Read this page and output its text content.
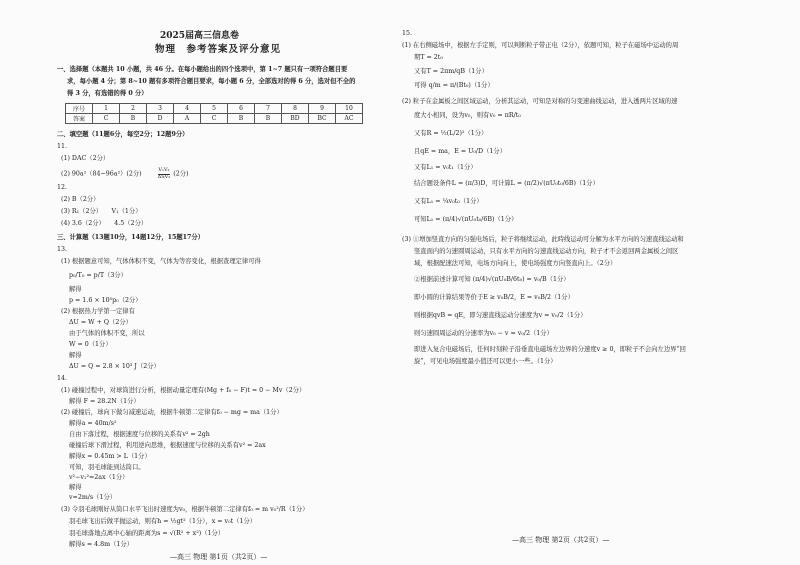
2025届高三信息卷
物理　参考答案及评分意见
一、选择题（本题共 10 小题，共 46 分。在每小题给出的四个选项中，第 1~7 题只有一项符合题目要
求，每小题 4 分；第 8~10 题有多项符合题目要求，每小题 6 分，全部选对的得 6 分，选对但不全的
得 3 分，有选错的得 0 分）
序号	1	2	3	4	5	6	7	8	9	10
答案	C	B	D	A	C	B	B	BD	BC	AC
二、填空题（11题6分，每空2分；12题9分）
11.
(1) DAC（2分）
(2) 90a²（84~96a²）(2分)	$\frac{\text{V₁V₂}}{\text{ΔSV₂}} (2$分)
12.
(2) B（2分）
(3) R₁（2分）　　V₁（1分）
(4) 3.6（2分）　　4.5（2分）
三、计算题（13题10分，14题12分，15题17分）
13.
(1) 根据题意可知，气体体积不变，气体为等容变化，根据查理定律可得
p₀/T₀ = p/T（3分）
解得
p = 1.6 × 10⁵p₀（2分）
(2) 根据热力学第一定律有
ΔU = W + Q（2分）
由于气体的体积不变，所以
W = 0（1分）
解得
ΔU = Q = 2.8 × 10³ J（2分）
14.
(1) 碰撞过程中，对球筒进行分析，根据动量定理有(Mg + f₀ − F)t = 0 − Mv（2分）
解得 F = 28.2N（1分）
(2) 碰撞后，球向下做匀减速运动，根据牛顿第二定律有f₀ − mg = ma（1分）
解得a = 40m/s²
自由下落过程，根据速度与位移的关系有v² = 2gh
碰撞后球下滑过程，利用逆向思维，根据速度与位移的关系有v² = 2ax
解得x = 0.45m > L（1分）
可知，羽毛球能到达筒口。
v²−v₁²=2ax（1分）
解得
v=2m/s（1分）
(3) 令羽毛球刚好从筒口水平飞出时速度为v₀，根据牛顿第二定律有f₀ = m v₀²/R（1分）
羽毛球飞出后做平抛运动，则有h = ½gt²（1分），x = v₀t（1分）
羽毛球落地点离中心轴的距离为s = √(R² + x²)（1分）
解得s = 4.8m（1分）
—高三 物理 第1页（共2页）—
15.
(1) 在右侧磁场中，根据左手定则，可以判断粒子带正电（2分），依题可知，粒子在磁场中运动的周
期T = 2t₀
又有T = 2πm/qB（1分）
可得 q/m = π/(Bt₀)（1分）
(2) 粒子在金属板之间区域运动，分析其运动，可知是对称的匀变速曲线运动，进入透两片区域的速
度大小相同，设为v₀，则有v₀ = πR/t₀
又有R = ½(L/2)²（1分）
且qE = ma，E = U₀/D（1分）
又有L₁ = v₀t₁（1分）
结合题设条件L = (π/3)D，可计算L = (π/2)√(πU₀t₀/6B)（1分）
又有L₁ = ¼v₀t₀（1分）
可知L₁ = (π/4)√(πU₀t₀/6B)（1分）
(3) ①增加竖直方向的匀强电场后，粒子将继续运动，此時线运动可分解为水平方向的匀速直线运动和
竖直面内的匀速圆周运动，只有水平方向的匀速直线运动方向，粒子才不会返回两金属板之间区
域，根据配速法可知，电场方向向上，使电场强度方向竖直向上。（2分）
②根据前述计算可知 (π/4)√(πU₀B/6t₀) = v₀/B（1分）
即小圆的计算结果等价于E ≥ v₀B/2，E = v₀B/2（1分）
则根据qvB = qE，即匀速直线运动分速度为v = v₀/2（1分）
则匀速圆周运动的分速率为v₀ − v = v₀/2（1分）
即进入复合电磁场后，任何时刻粒子沿垂直电磁场左边界的分速度v ≥ 0，即粒子不会向左边界“回
旋”，可见电场强度最小值还可以更小一些。（1分）
—高三 物理 第2页（共2页）—
